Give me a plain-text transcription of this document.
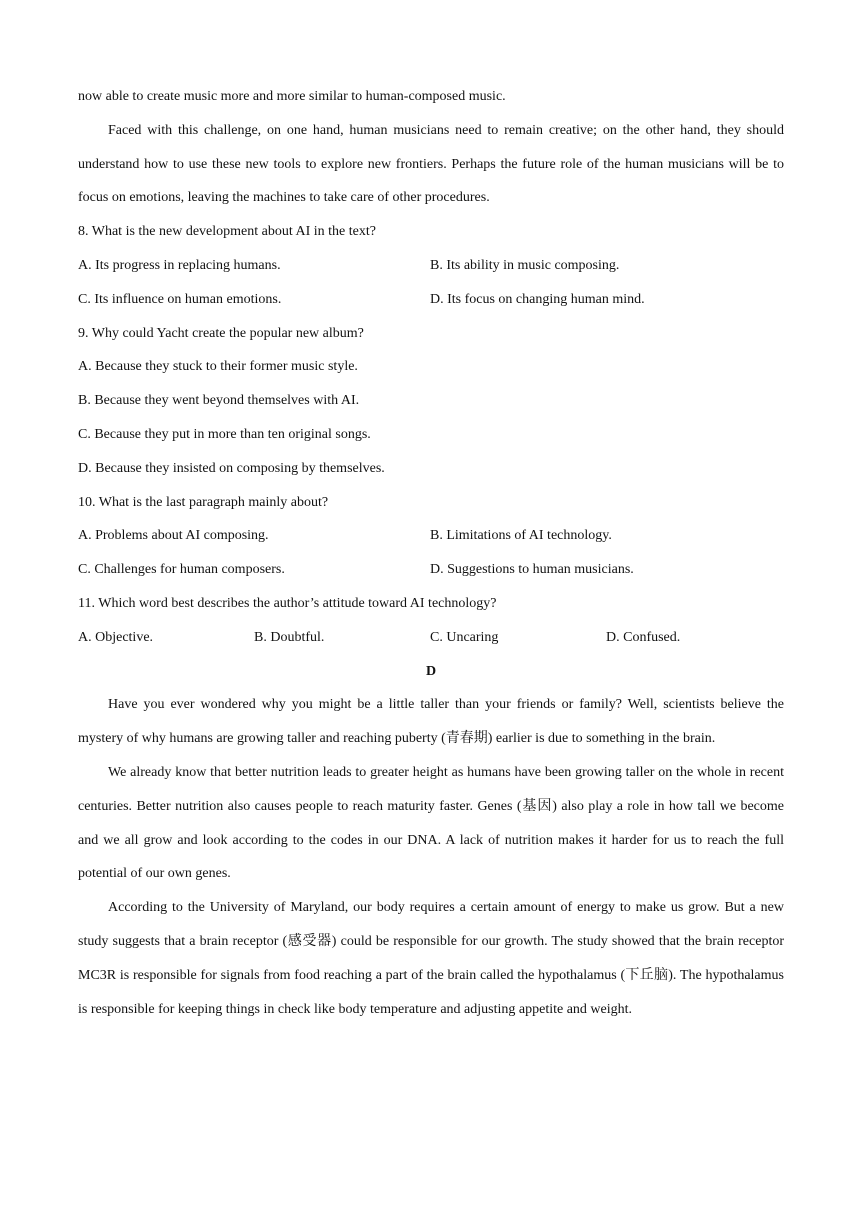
now able to create music more and more similar to human-composed music.
Faced with this challenge, on one hand, human musicians need to remain creative; on the other hand, they should understand how to use these new tools to explore new frontiers. Perhaps the future role of the human musicians will be to focus on emotions, leaving the machines to take care of other procedures.
8. What is the new development about AI in the text?
A. Its progress in replacing humans.	B. Its ability in music composing.
C. Its influence on human emotions.	D. Its focus on changing human mind.
9. Why could Yacht create the popular new album?
A. Because they stuck to their former music style.
B. Because they went beyond themselves with AI.
C. Because they put in more than ten original songs.
D. Because they insisted on composing by themselves.
10. What is the last paragraph mainly about?
A. Problems about AI composing.	B. Limitations of AI technology.
C. Challenges for human composers.	D. Suggestions to human musicians.
11. Which word best describes the author’s attitude toward AI technology?
A. Objective.	B. Doubtful.	C. Uncaring	D. Confused.
D
Have you ever wondered why you might be a little taller than your friends or family? Well, scientists believe the mystery of why humans are growing taller and reaching puberty (青春期) earlier is due to something in the brain.
We already know that better nutrition leads to greater height as humans have been growing taller on the whole in recent centuries. Better nutrition also causes people to reach maturity faster. Genes (基因) also play a role in how tall we become and we all grow and look according to the codes in our DNA. A lack of nutrition makes it harder for us to reach the full potential of our own genes.
According to the University of Maryland, our body requires a certain amount of energy to make us grow. But a new study suggests that a brain receptor (感受器) could be responsible for our growth. The study showed that the brain receptor MC3R is responsible for signals from food reaching a part of the brain called the hypothalamus (下丘脑). The hypothalamus is responsible for keeping things in check like body temperature and adjusting appetite and weight.
